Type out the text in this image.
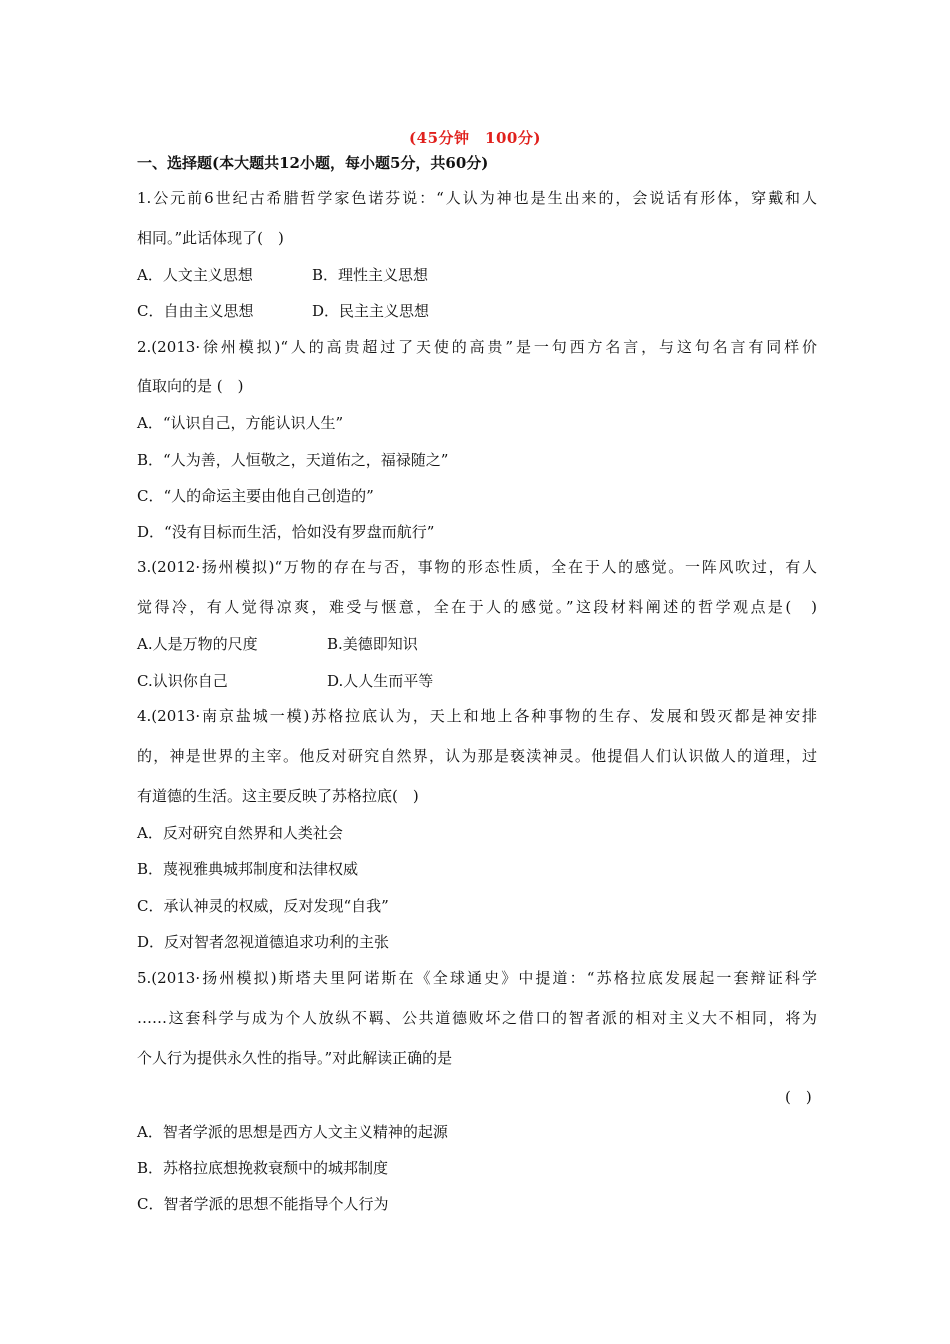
(45分钟　100分)
一、选择题(本大题共12小题，每小题5分，共60分)
1.公元前6世纪古希腊哲学家色诺芬说：“人认为神也是生出来的，会说话有形体，穿戴和人
相同。”此话体现了(　)
A．人文主义思想	B．理性主义思想
C．自由主义思想	D．民主主义思想
2.(2013·徐州模拟)“人的高贵超过了天使的高贵”是一句西方名言，与这句名言有同样价
值取向的是 (　)
A．“认识自己，方能认识人生”
B．“人为善，人恒敬之，天道佑之，福禄随之”
C．“人的命运主要由他自己创造的”
D．“没有目标而生活，恰如没有罗盘而航行”
3.(2012·扬州模拟)“万物的存在与否，事物的形态性质，全在于人的感觉。一阵风吹过，有人
觉得冷，有人觉得凉爽，难受与惬意，全在于人的感觉。”这段材料阐述的哲学观点是(　)
A.人是万物的尺度	B.美德即知识
C.认识你自己	D.人人生而平等
4.(2013·南京盐城一模)苏格拉底认为，天上和地上各种事物的生存、发展和毁灭都是神安排
的，神是世界的主宰。他反对研究自然界，认为那是亵渎神灵。他提倡人们认识做人的道理，过
有道德的生活。这主要反映了苏格拉底(　)
A．反对研究自然界和人类社会
B．蔑视雅典城邦制度和法律权威
C．承认神灵的权威，反对发现“自我”
D．反对智者忽视道德追求功利的主张
5.(2013·扬州模拟)斯塔夫里阿诺斯在《全球通史》中提道：“苏格拉底发展起一套辩证科学
……这套科学与成为个人放纵不羁、公共道德败坏之借口的智者派的相对主义大不相同，将为
个人行为提供永久性的指导。”对此解读正确的是
(　)
A．智者学派的思想是西方人文主义精神的起源
B．苏格拉底想挽救衰颓中的城邦制度
C．智者学派的思想不能指导个人行为
